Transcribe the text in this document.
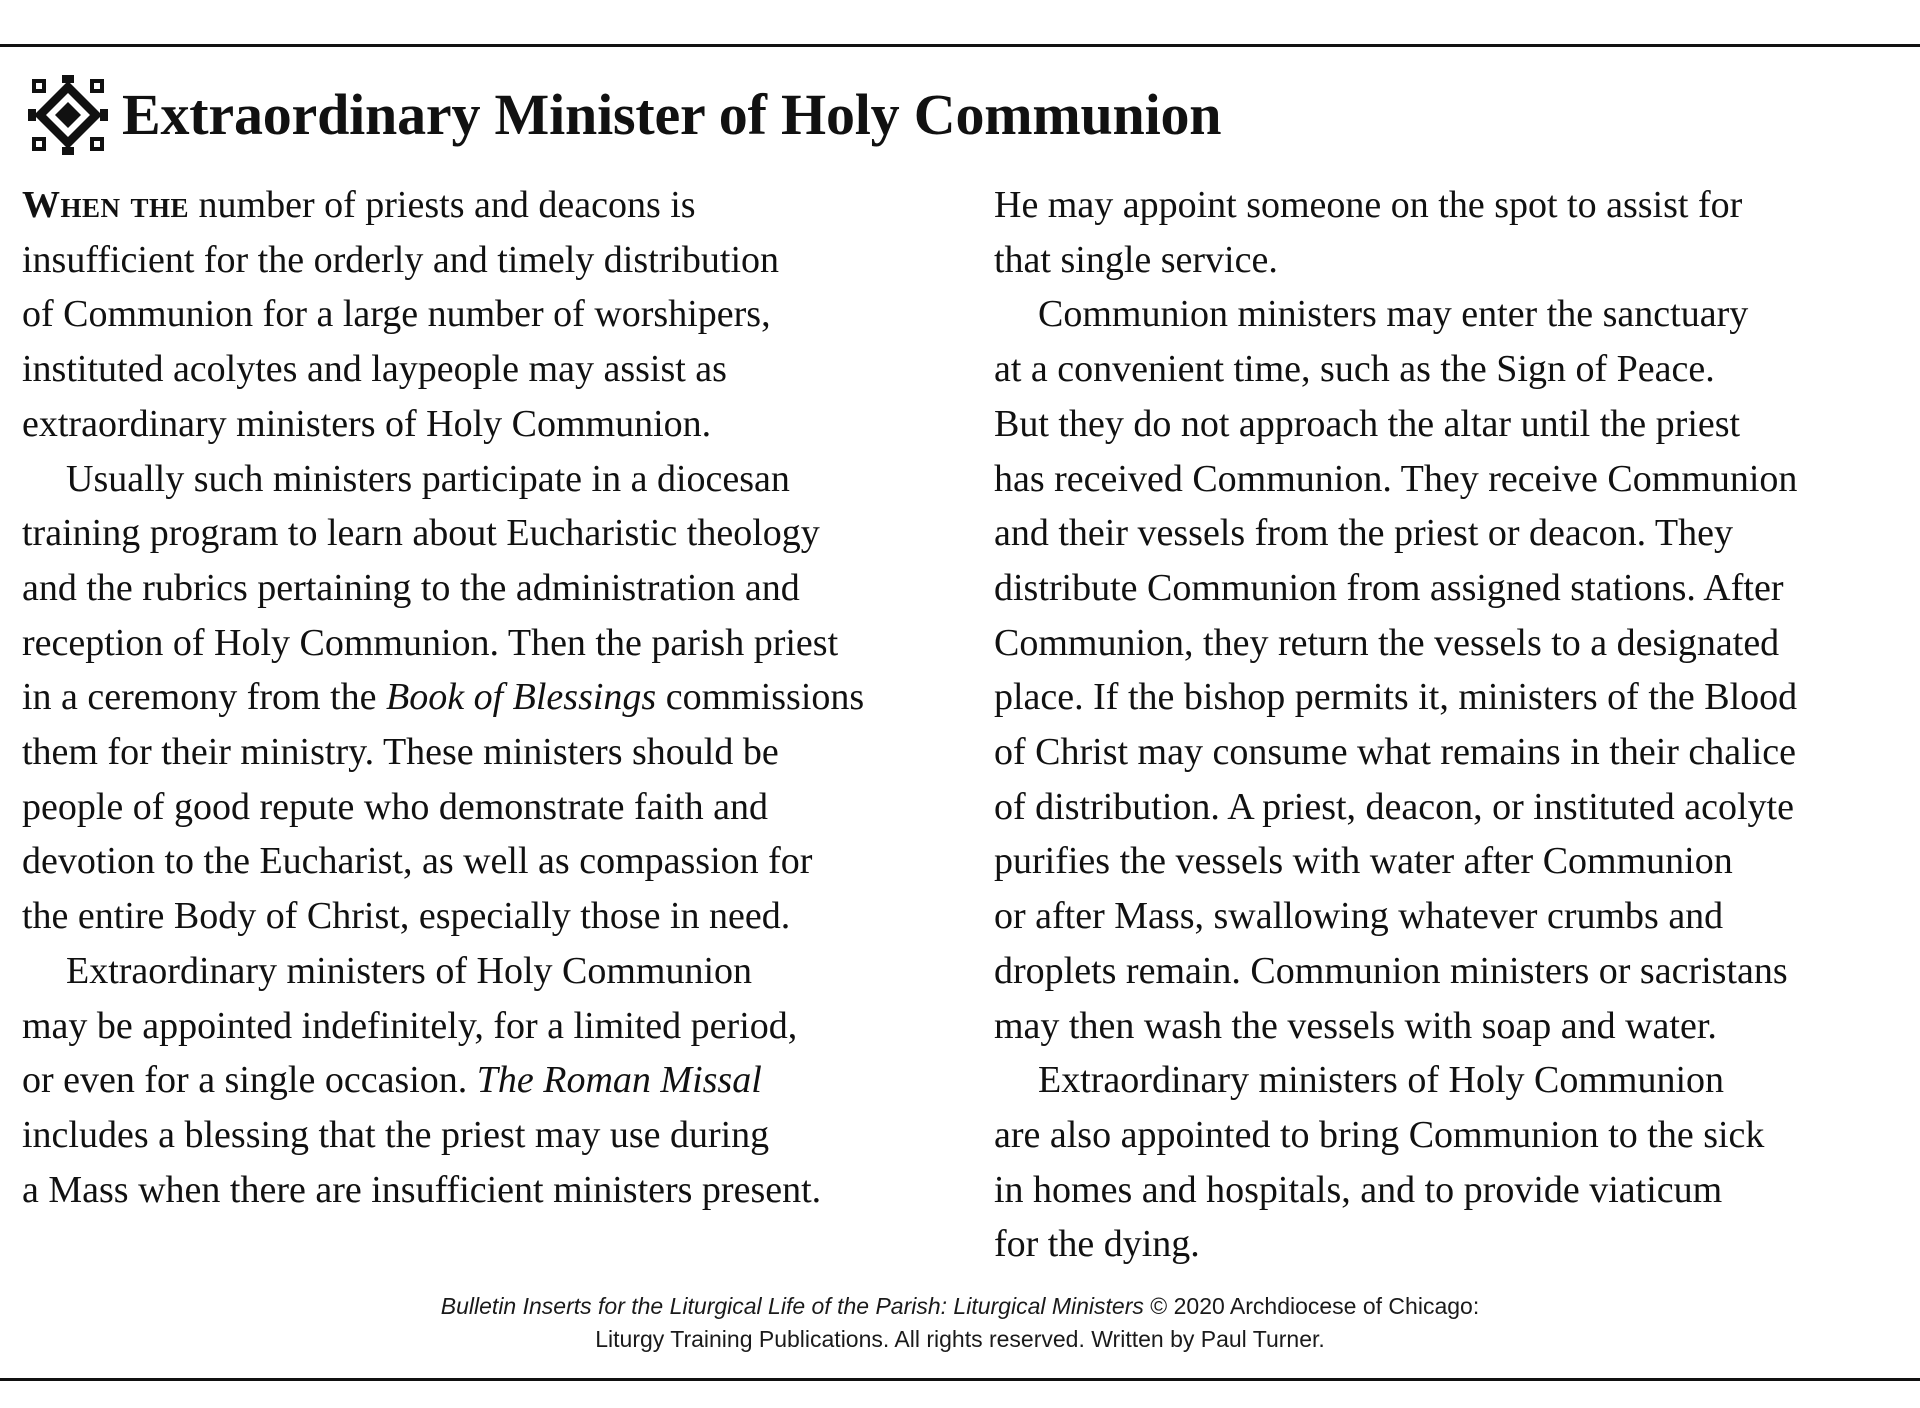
Extraordinary Minister of Holy Communion

When the number of priests and deacons is
insufficient for the orderly and timely distribution
of Communion for a large number of worshipers,
instituted acolytes and laypeople may assist as
extraordinary ministers of Holy Communion.

Usually such ministers participate in a diocesan
training program to learn about Eucharistic theology
and the rubrics pertaining to the administration and
reception of Holy Communion. Then the parish priest
in a ceremony from the Book of Blessings commissions
them for their ministry. These ministers should be
people of good repute who demonstrate faith and
devotion to the Eucharist, as well as compassion for
the entire Body of Christ, especially those in need.

Extraordinary ministers of Holy Communion
may be appointed indefinitely, for a limited period,
or even for a single occasion. The Roman Missal
includes a blessing that the priest may use during
a Mass when there are insufficient ministers present.

He may appoint someone on the spot to assist for
that single service.

Communion ministers may enter the sanctuary
at a convenient time, such as the Sign of Peace.
But they do not approach the altar until the priest
has received Communion. They receive Communion
and their vessels from the priest or deacon. They
distribute Communion from assigned stations. After
Communion, they return the vessels to a designated
place. If the bishop permits it, ministers of the Blood
of Christ may consume what remains in their chalice
of distribution. A priest, deacon, or instituted acolyte
purifies the vessels with water after Communion
or after Mass, swallowing whatever crumbs and
droplets remain. Communion ministers or sacristans
may then wash the vessels with soap and water.

Extraordinary ministers of Holy Communion
are also appointed to bring Communion to the sick
in homes and hospitals, and to provide viaticum
for the dying.

Bulletin Inserts for the Liturgical Life of the Parish: Liturgical Ministers © 2020 Archdiocese of Chicago:
Liturgy Training Publications. All rights reserved. Written by Paul Turner.
